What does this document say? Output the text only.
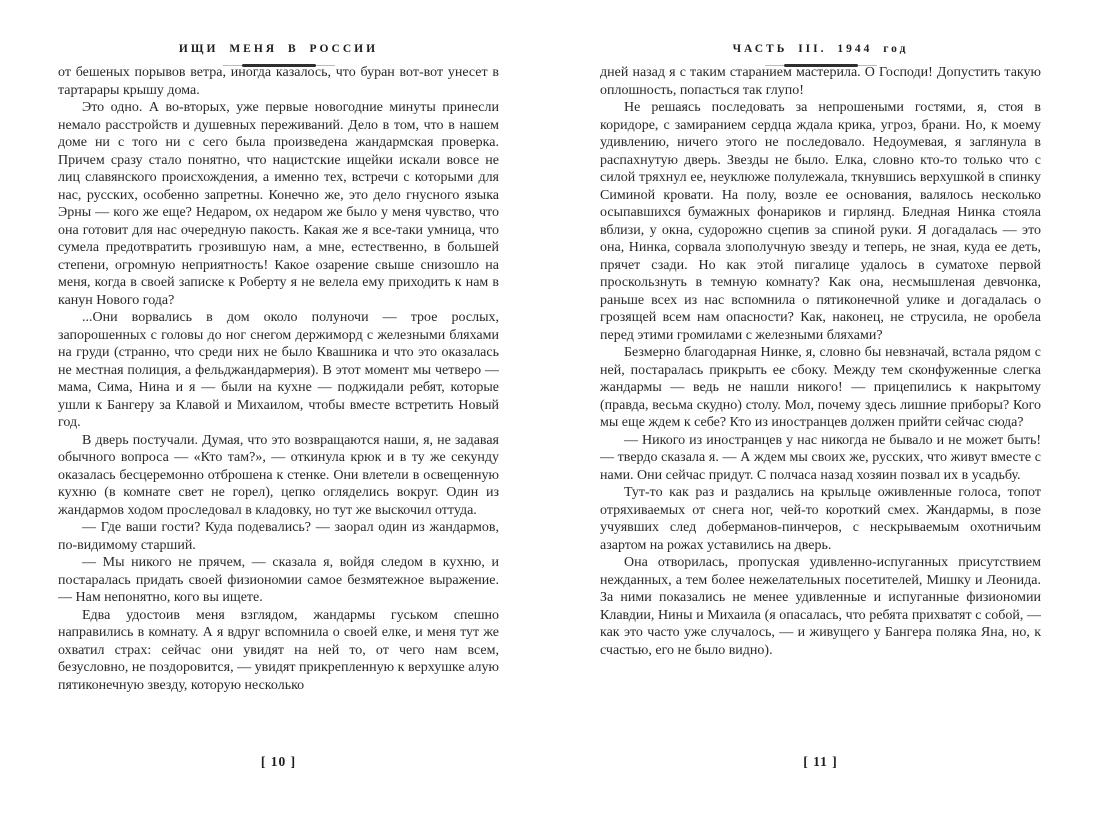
ИЩИ МЕНЯ В РОССИИ

от бешеных порывов ветра, иногда казалось, что буран вот-вот унесет в тартарары крышу дома.

Это одно. А во-вторых, уже первые новогодние минуты принесли немало расстройств и душевных переживаний. Дело в том, что в нашем доме ни с того ни с сего была произведена жандармская проверка. Причем сразу стало понятно, что нацистские ищейки искали вовсе не лиц славянского происхождения, а именно тех, встречи с которыми для нас, русских, особенно запретны. Конечно же, это дело гнусного языка Эрны — кого же еще? Недаром, ох недаром же было у меня чувство, что она готовит для нас очередную пакость. Какая же я все-таки умница, что сумела предотвратить грозившую нам, а мне, естественно, в большей степени, огромную неприятность! Какое озарение свыше снизошло на меня, когда в своей записке к Роберту я не велела ему приходить к нам в канун Нового года?

...Они ворвались в дом около полуночи — трое рослых, запорошенных с головы до ног снегом держиморд с железными бляхами на груди (странно, что среди них не было Квашника и что это оказалась не местная полиция, а фельджандармерия). В этот момент мы четверо — мама, Сима, Нина и я — были на кухне — поджидали ребят, которые ушли к Бангеру за Клавой и Михаилом, чтобы вместе встретить Новый год.

В дверь постучали. Думая, что это возвращаются наши, я, не задавая обычного вопроса — «Кто там?», — откинула крюк и в ту же секунду оказалась бесцеремонно отброшена к стенке. Они влетели в освещенную кухню (в комнате свет не горел), цепко огляделись вокруг. Один из жандармов ходом проследовал в кладовку, но тут же выскочил оттуда.

— Где ваши гости? Куда подевались? — заорал один из жандармов, по-видимому старший.

— Мы никого не прячем, — сказала я, войдя следом в кухню, и постаралась придать своей физиономии самое безмятежное выражение. — Нам непонятно, кого вы ищете.

Едва удостоив меня взглядом, жандармы гуськом спешно направились в комнату. А я вдруг вспомнила о своей елке, и меня тут же охватил страх: сейчас они увидят на ней то, от чего нам всем, безусловно, не поздоровится, — увидят прикрепленную к верхушке алую пятиконечную звезду, которую несколько

[ 10 ]
ЧАСТЬ III. 1944 год

дней назад я с таким старанием мастерила. О Господи! Допустить такую оплошность, попасться так глупо!

Не решаясь последовать за непрошеными гостями, я, стоя в коридоре, с замиранием сердца ждала крика, угроз, брани. Но, к моему удивлению, ничего этого не последовало. Недоумевая, я заглянула в распахнутую дверь. Звезды не было. Елка, словно кто-то только что с силой тряхнул ее, неуклюже полулежала, ткнувшись верхушкой в спинку Симиной кровати. На полу, возле ее основания, валялось несколько осыпавшихся бумажных фонариков и гирлянд. Бледная Нинка стояла вблизи, у окна, судорожно сцепив за спиной руки. Я догадалась — это она, Нинка, сорвала злополучную звезду и теперь, не зная, куда ее деть, прячет сзади. Но как этой пигалице удалось в суматохе первой проскользнуть в темную комнату? Как она, несмышленая девчонка, раньше всех из нас вспомнила о пятиконечной улике и догадалась о грозящей всем нам опасности? Как, наконец, не струсила, не оробела перед этими громилами с железными бляхами?

Безмерно благодарная Нинке, я, словно бы невзначай, встала рядом с ней, постаралась прикрыть ее сбоку. Между тем сконфуженные слегка жандармы — ведь не нашли никого! — прицепились к накрытому (правда, весьма скудно) столу. Мол, почему здесь лишние приборы? Кого мы еще ждем к себе? Кто из иностранцев должен прийти сейчас сюда?

— Никого из иностранцев у нас никогда не бывало и не может быть! — твердо сказала я. — А ждем мы своих же, русских, что живут вместе с нами. Они сейчас придут. С полчаса назад хозяин позвал их в усадьбу.

Тут-то как раз и раздались на крыльце оживленные голоса, топот отряхиваемых от снега ног, чей-то короткий смех. Жандармы, в позе учуявших след доберманов-пинчеров, с нескрываемым охотничьим азартом на рожах уставились на дверь.

Она отворилась, пропуская удивленно-испуганных присутствием нежданных, а тем более нежелательных посетителей, Мишку и Леонида. За ними показались не менее удивленные и испуганные физиономии Клавдии, Нины и Михаила (я опасалась, что ребята прихватят с собой, — как это часто уже случалось, — и живущего у Бангера поляка Яна, но, к счастью, его не было видно).

[ 11 ]
